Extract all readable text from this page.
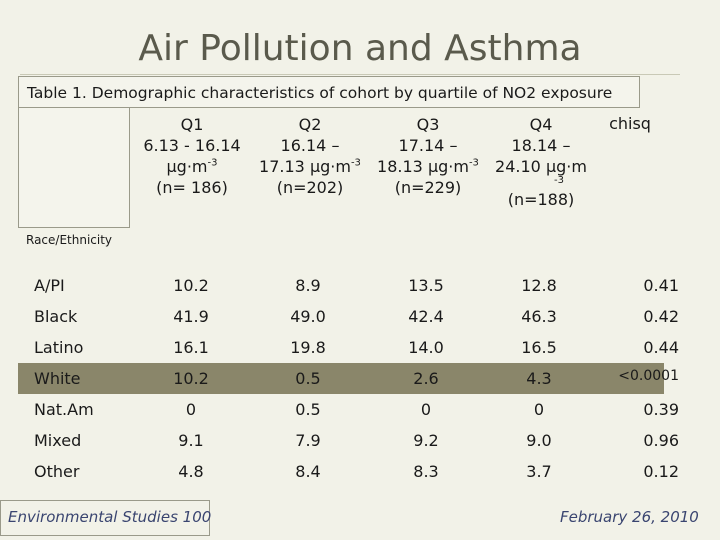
Air Pollution and Asthma
Table 1. Demographic characteristics of cohort by quartile of NO2 exposure
Q1
6.13 - 16.14
$\mu g\cdot m^{-3}$
(n= 186)
Q2
16.14 –
17.13 $\mu g\cdot m^{-3}$
(n=202)
Q3
17.14 –
18.13 $\mu g\cdot m^{-3}$
(n=229)
Q4
18.14 –
24.10 µg·m
-3
(n=188)
chisq
Race/Ethnicity
A/PI	10.2	8.9	13.5	12.8	0.41
Black	41.9	49.0	42.4	46.3	0.42
Latino	16.1	19.8	14.0	16.5	0.44
White	10.2	0.5	2.6	4.3	<0.0001
Nat.Am	0	0.5	0	0	0.39
Mixed	9.1	7.9	9.2	9.0	0.96
Other	4.8	8.4	8.3	3.7	0.12
Environmental Studies 100	February 26, 2010
